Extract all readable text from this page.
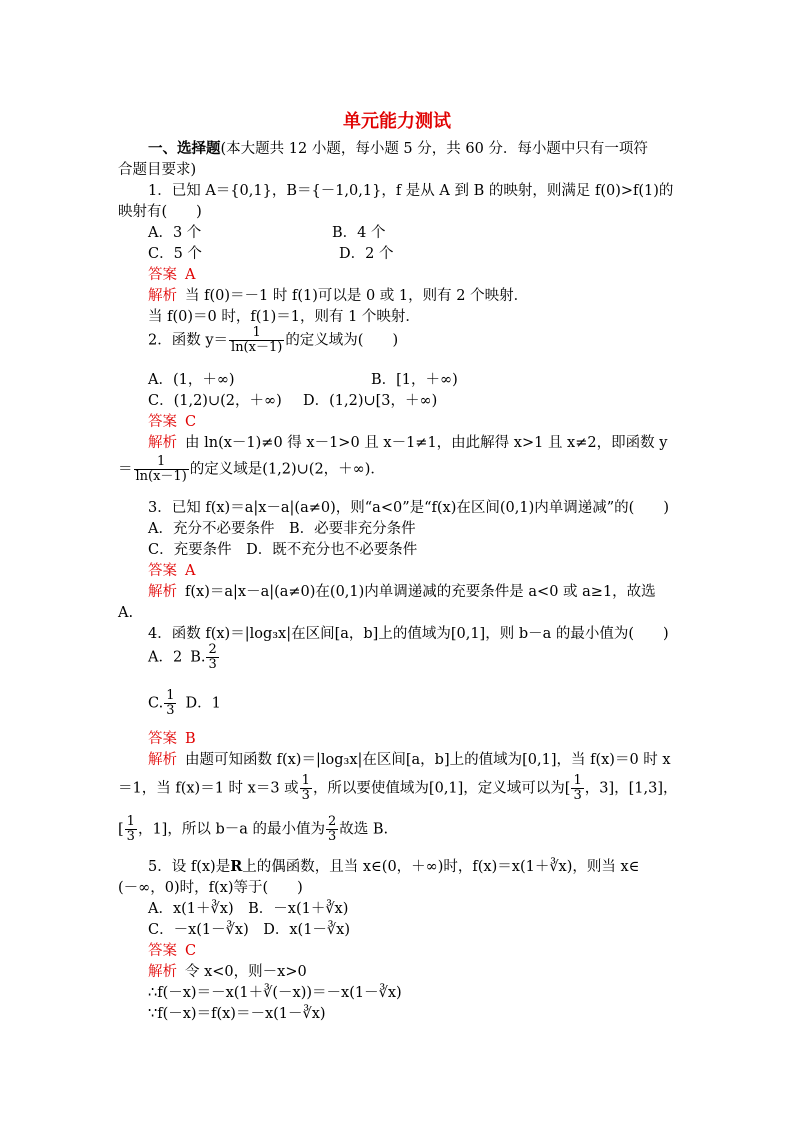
单元能力测试
一、选择题(本大题共 12 小题，每小题 5 分，共 60 分．每小题中只有一项符
合题目要求)
1．已知 A＝{0,1}，B＝{－1,0,1}，f 是从 A 到 B 的映射，则满足 f(0)>f(1)的
映射有(　　)
A．3 个	B．4 个
C．5 个	D．2 个
答案 A
解析 当 f(0)＝－1 时 f(1)可以是 0 或 1，则有 2 个映射．
当 f(0)＝0 时，f(1)＝1，则有 1 个映射．
2．函数 $y= \frac{1}{\ln(x-1)}$ 的定义域为(　　)
A．(1，＋∞)	B．[1，＋∞)
C．(1,2)∪(2，＋∞) D．(1,2)∪[3，＋∞)
答案 C
解析 由 ln(x－1)≠0 得 x－1>0 且 x－1≠1，由此解得 x>1 且 x≠2，即函数 y
＝ $\frac{1}{\ln(x-1)}$ 的定义域是(1,2)∪(2，＋∞)．
3．已知 f(x)＝a|x－a|(a≠0)，则“a<0”是“f(x)在区间(0,1)内单调递减”的(　　)
A．充分不必要条件　B．必要非充分条件
C．充要条件　D．既不充分也不必要条件
答案 A
解析 f(x)＝a|x－a|(a≠0)在(0,1)内单调递减的充要条件是 a<0 或 a≥1，故选
A.
4．函数 f(x)＝|log₃x|在区间[a，b]上的值域为[0,1]，则 b－a 的最小值为(　　)
A．2 B. $\frac{2}{3}$
C. $\frac{1}{3}$ D．1
答案 B
解析 由题可知函数 f(x)＝|log₃x|在区间[a，b]上的值域为[0,1]，当 f(x)＝0 时 x
＝1，当 f(x)＝1 时 x＝3 或 $\frac{1}{3}$ ，所以要使值域为[0,1]，定义域可以为[ $\frac{1}{3}$ ，3]，[1,3]，
[ $\frac{1}{3}$ ，1]，所以 b－a 的最小值为 $\frac{2}{3}$ 故选 B.
5．设 f(x)是R上的偶函数，且当 x∈(0，＋∞)时，f(x)＝x(1＋∛x)，则当 x∈
(－∞，0)时，f(x)等于(　　)
A．x(1＋∛x)　B．－x(1＋∛x)
C．－x(1－∛x)　D．x(1－∛x)
答案 C
解析 令 x<0，则－x>0
∴f(－x)＝－x(1＋∛(－x))＝－x(1－∛x)
∵f(－x)＝f(x)＝－x(1－∛x)
